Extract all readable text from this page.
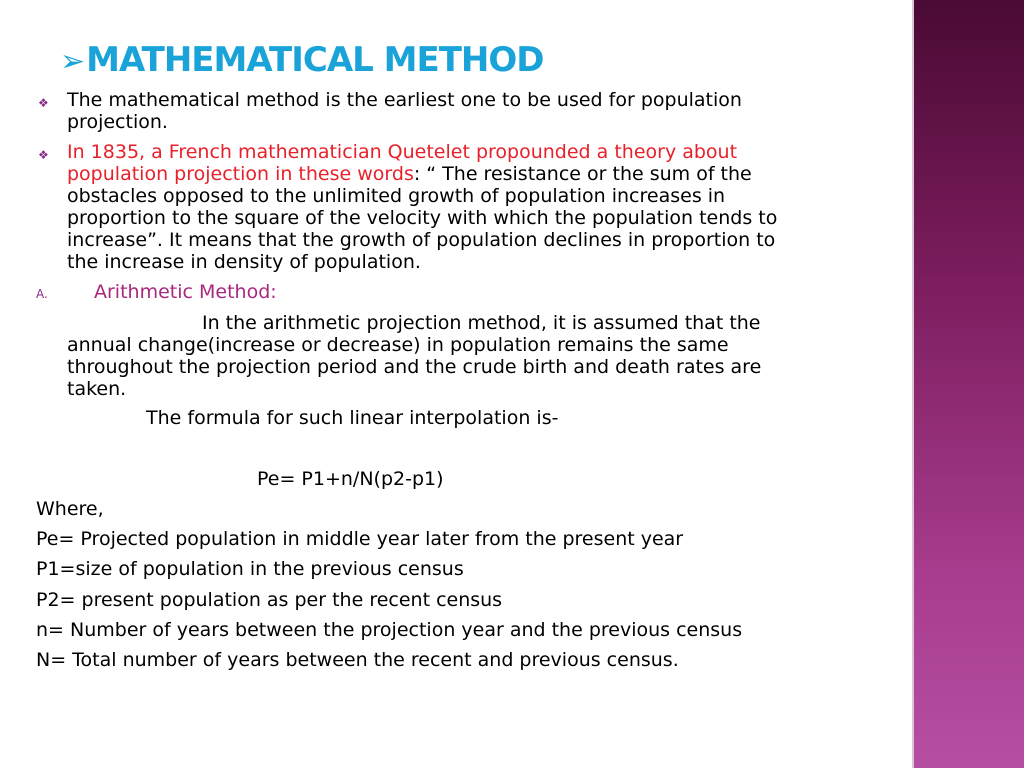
➢MATHEMATICAL METHOD
❖ The mathematical method is the earliest one to be used for population
projection.
❖ In 1835, a French mathematician Quetelet propounded a theory about
population projection in these words: “ The resistance or the sum of the
obstacles opposed to the unlimited growth of population increases in
proportion to the square of the velocity with which the population tends to
increase”. It means that the growth of population declines in proportion to
the increase in density of population.
A. Arithmetic Method:
In the arithmetic projection method, it is assumed that the
annual change(increase or decrease) in population remains the same
throughout the projection period and the crude birth and death rates are
taken.
The formula for such linear interpolation is-
Pe= P1+n/N(p2-p1)
Where,
Pe= Projected population in middle year later from the present year
P1=size of population in the previous census
P2= present population as per the recent census
n= Number of years between the projection year and the previous census
N= Total number of years between the recent and previous census.
